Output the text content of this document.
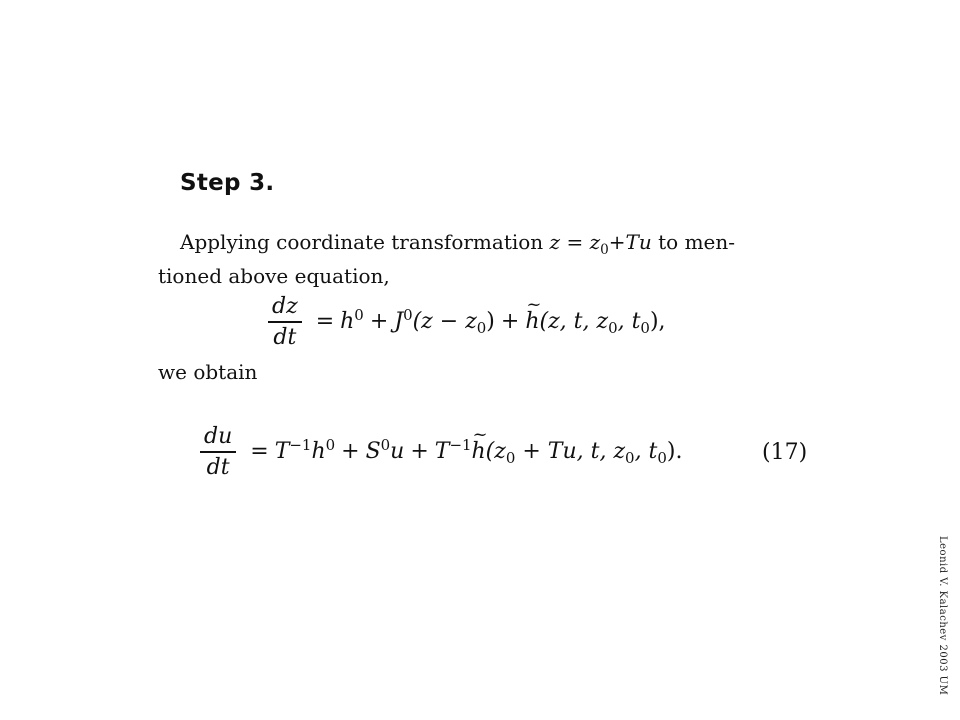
Step 3.
Applying coordinate transformation $z = z_0+Tu$ to men-
tioned above equation,
$\frac{dz}{dt} = h^0 + J^0(z - z_0)$ +~ h(z, t, $z_0$, $t_0$),
we obtain
$\frac{du}{dt} = T^{-1}h^0 + S^0u$ + $T^{-1}\sim$ $h(z_0 + Tu$, t, $z_0$, $t_0$).	(17)
Leonid V. Kalachev 2003 UM
